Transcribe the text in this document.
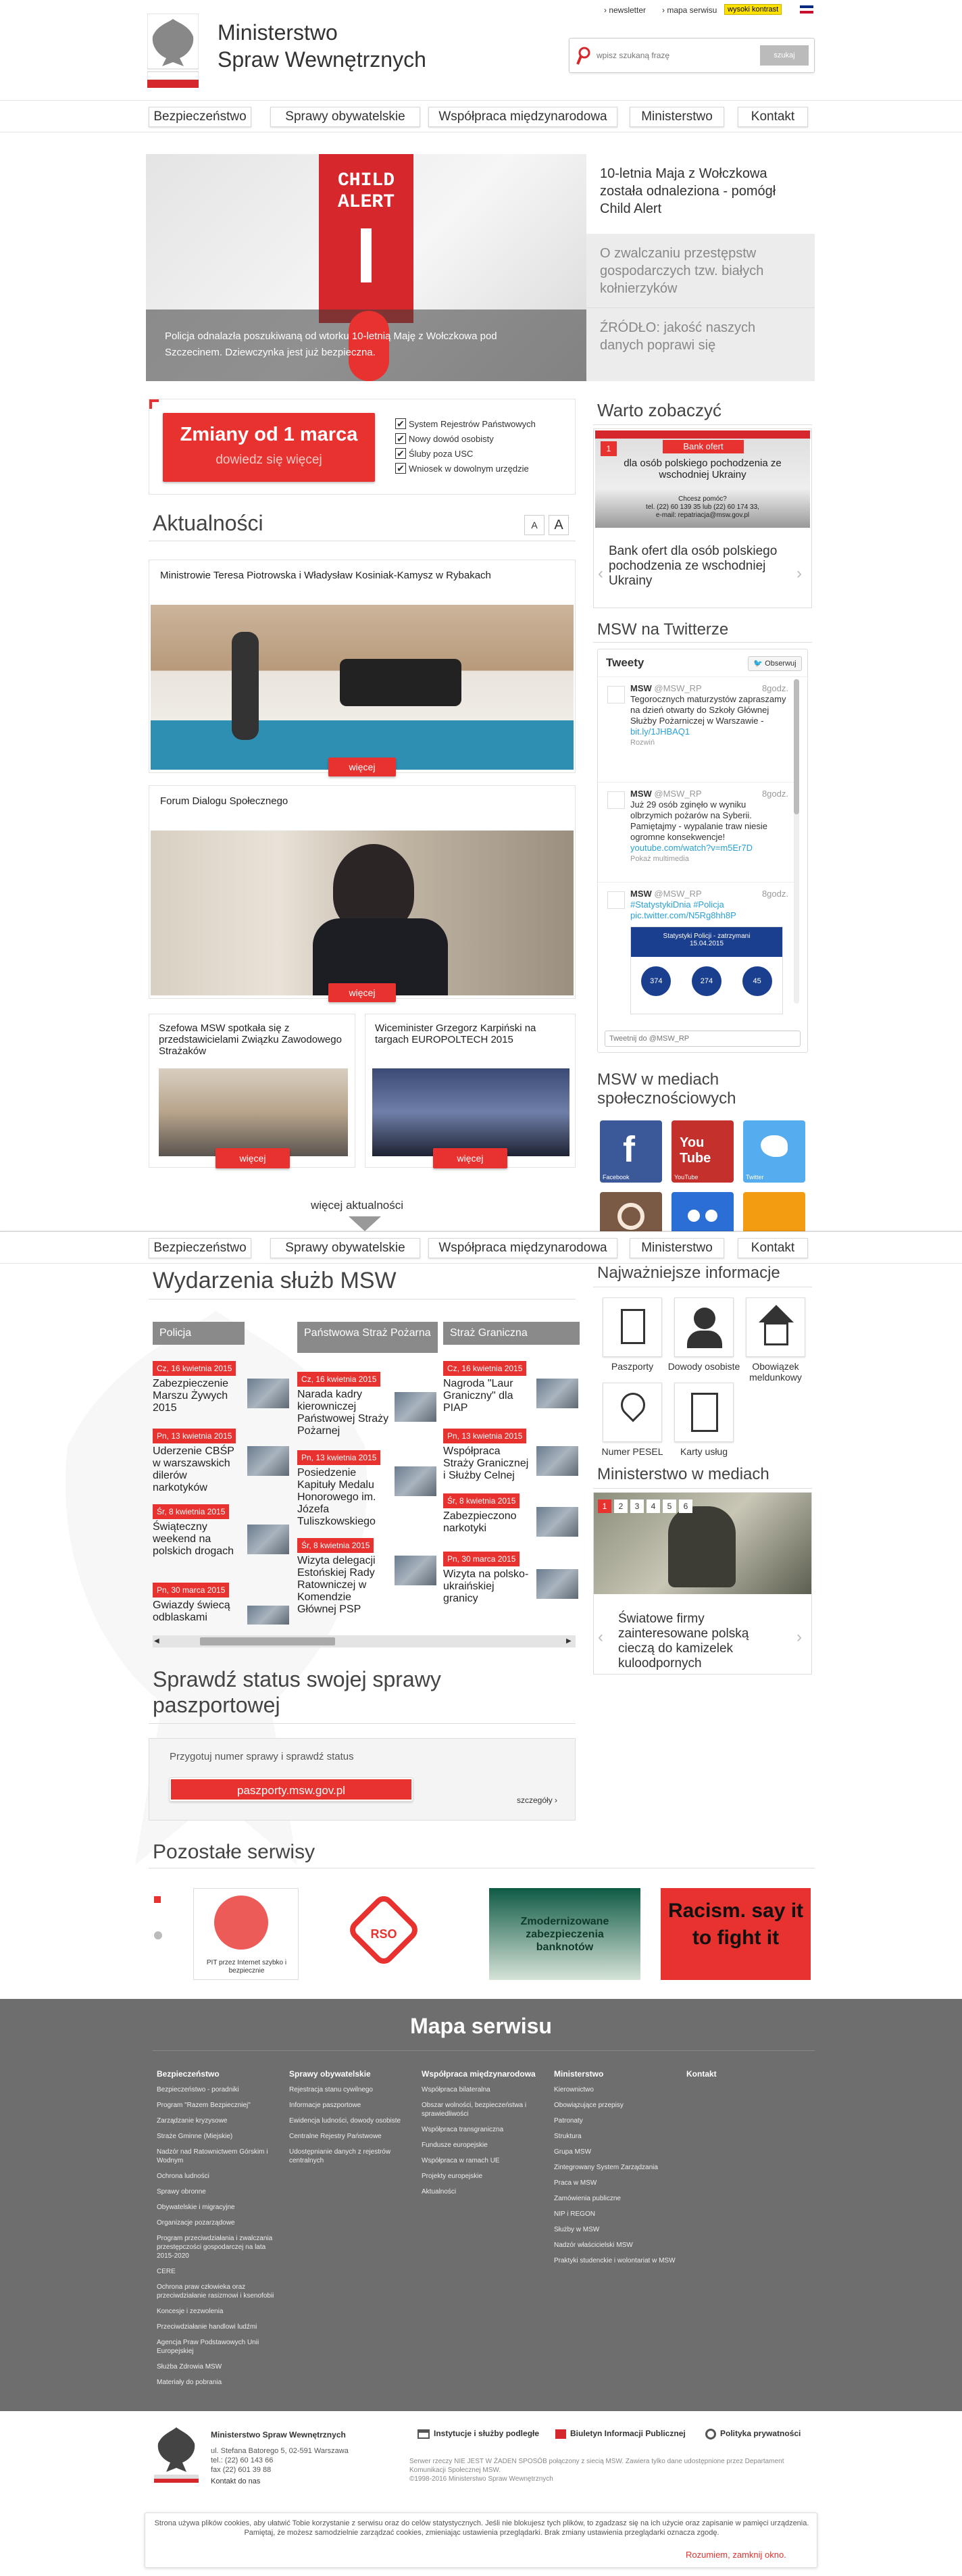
Ministerstwo
Spraw Wewnętrznych
› newsletter › mapa serwisu	wysoki kontrast
wpisz szukaną frazę
szukaj
Bezpieczeństwo	Sprawy obywatelskie	Współpraca międzynarodowa	Ministerstwo	Kontakt
CHILD
ALERT
Policja odnalazła poszukiwaną od wtorku 10-letnią Maję z Wołczkowa pod Szczecinem. Dziewczynka jest już bezpieczna.
10-letnia Maja z Wołczkowa została odnaleziona - pomógł Child Alert
O zwalczaniu przestępstw gospodarczych tzw. białych kołnierzyków
ŹRÓDŁO: jakość naszych danych poprawi się
Zmiany od 1 marca
dowiedz się więcej
✔ System Rejestrów Państwowych
✔ Nowy dowód osobisty
✔ Śluby poza USC
✔ Wniosek w dowolnym urzędzie
Aktualności	A	A
Ministrowie Teresa Piotrowska i Władysław Kosiniak-Kamysz w Rybakach
więcej
Forum Dialogu Społecznego
więcej
Szefowa MSW spotkała się z przedstawicielami Związku Zawodowego Strażaków
więcej
Wiceminister Grzegorz Karpiński na targach EUROPOLTECH 2015
więcej
więcej aktualności
Warto zobaczyć
1	Bank ofert
dla osób polskiego pochodzenia ze wschodniej Ukrainy
Chcesz pomóc?
tel. (22) 60 139 35 lub (22) 60 174 33,
e-mail: repatriacja@msw.gov.pl
Bank ofert dla osób polskiego pochodzenia ze wschodniej Ukrainy
‹	›
MSW na Twitterze
Tweety	🐦 Obserwuj
MSW @MSW_RP	8godz.
Tegorocznych maturzystów zapraszamy na dzień otwarty do Szkoły Głównej Służby Pożarniczej w Warszawie -
bit.ly/1JHBAQ1
Rozwiń
MSW @MSW_RP	8godz.
Już 29 osób zginęło w wyniku olbrzymich pożarów na Syberii. Pamiętajmy - wypalanie traw niesie ogromne konsekwencje!
youtube.com/watch?v=m5Er7D
Pokaż multimedia
MSW @MSW_RP	8godz.
#StatystykiDnia #Policja pic.twitter.com/N5Rg8hh8P
Statystyki Policji - zatrzymani
15.04.2015
374	274	45
Tweetnij do @MSW_RP
MSW w mediach społecznościowych
f
Facebook
You
Tube
YouTube	Twitter
Bezpieczeństwo	Sprawy obywatelskie	Współpraca międzynarodowa	Ministerstwo	Kontakt
Wydarzenia służb MSW
Policja	Państwowa Straż Pożarna	Straż Graniczna
Cz, 16 kwietnia 2015
Zabezpieczenie Marszu Żywych 2015
Pn, 13 kwietnia 2015
Uderzenie CBŚP w warszawskich dilerów narkotyków
Śr, 8 kwietnia 2015
Świąteczny weekend na polskich drogach
Pn, 30 marca 2015
Gwiazdy świecą odblaskami
Cz, 16 kwietnia 2015
Narada kadry kierowniczej Państwowej Straży Pożarnej
Pn, 13 kwietnia 2015
Posiedzenie Kapituły Medalu Honorowego im. Józefa Tuliszkowskiego
Śr, 8 kwietnia 2015
Wizyta delegacji Estońskiej Rady Ratowniczej w Komendzie Głównej PSP
Cz, 16 kwietnia 2015
Nagroda "Laur Graniczny" dla PIAP
Pn, 13 kwietnia 2015
Współpraca Straży Granicznej i Służby Celnej
Śr, 8 kwietnia 2015
Zabezpieczono narkotyki
Pn, 30 marca 2015
Wizyta na polsko-ukraińskiej granicy
◀	▶
Najważniejsze informacje
Paszporty	Dowody osobiste	Obowiązek meldunkowy
Numer PESEL	Karty usług
Ministerstwo w mediach
1	2	3	4	5	6
Światowe firmy zainteresowane polską cieczą do kamizelek kuloodpornych
‹	›
Sprawdź status swojej sprawy paszportowej
Przygotuj numer sprawy i sprawdź status
paszporty.msw.gov.pl
szczegóły ›
Pozostałe serwisy
PIT przez Internet szybko i bezpiecznie
RSO
Zmodernizowane zabezpieczenia banknotów
Racism. say it to fight it
Mapa serwisu
Bezpieczeństwo
Bezpieczeństwo - poradniki
Program "Razem Bezpieczniej"
Zarządzanie kryzysowe
Straże Gminne (Miejskie)
Nadzór nad Ratownictwem Górskim i Wodnym
Ochrona ludności
Sprawy obronne
Obywatelskie i migracyjne
Organizacje pozarządowe
Program przeciwdziałania i zwalczania przestępczości gospodarczej na lata 2015-2020
CERE
Ochrona praw człowieka oraz przeciwdziałanie rasizmowi i ksenofobii
Koncesje i zezwolenia
Przeciwdziałanie handlowi ludźmi
Agencja Praw Podstawowych Unii Europejskiej
Służba Zdrowia MSW
Materiały do pobrania
Sprawy obywatelskie
Rejestracja stanu cywilnego
Informacje paszportowe
Ewidencja ludności, dowody osobiste
Centralne Rejestry Państwowe
Udostępnianie danych z rejestrów centralnych
Współpraca międzynarodowa
Współpraca bilateralna
Obszar wolności, bezpieczeństwa i sprawiedliwości
Współpraca transgraniczna
Fundusze europejskie
Współpraca w ramach UE
Projekty europejskie
Aktualności
Ministerstwo
Kierownictwo
Obowiązujące przepisy
Patronaty
Struktura
Grupa MSW
Zintegrowany System Zarządzania
Praca w MSW
Zamówienia publiczne
NIP i REGON
Służby w MSW
Nadzór właścicielski MSW
Praktyki studenckie i wolontariat w MSW
Kontakt
Ministerstwo Spraw Wewnętrznych
ul. Stefana Batorego 5, 02-591 Warszawa
tel.: (22) 60 143 66
fax (22) 601 39 88
Kontakt do nas
Instytucje i służby podległe	Biuletyn Informacji Publicznej	Polityka prywatności
Serwer rzeczy NIE JEST W ŻADEN SPOSÓB połączony z siecią MSW. Zawiera tylko dane udostępnione przez Departament Komunikacji Społecznej MSW.
©1998-2016 Ministerstwo Spraw Wewnętrznych
Strona używa plików cookies, aby ułatwić Tobie korzystanie z serwisu oraz do celów statystycznych. Jeśli nie blokujesz tych plików, to zgadzasz się na ich użycie oraz zapisanie w pamięci urządzenia. Pamiętaj, że możesz samodzielnie zarządzać cookies, zmieniając ustawienia przeglądarki. Brak zmiany ustawienia przeglądarki oznacza zgodę.
Rozumiem, zamknij okno.
